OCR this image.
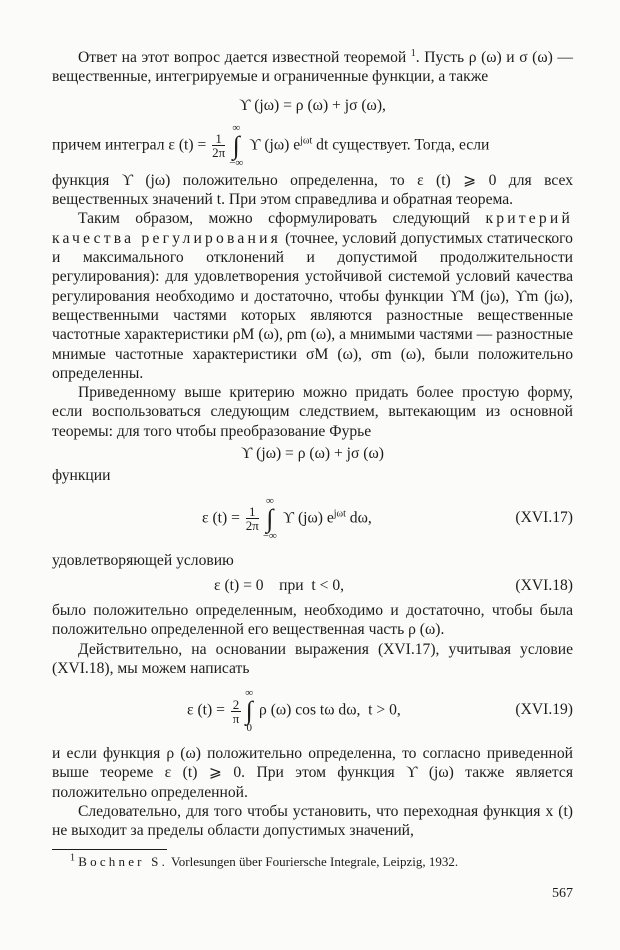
Ответ на этот вопрос дается известной теоремой $^1$. Пусть ρ (ω) и σ (ω) — вещественные, интегрируемые и ограниченные функции, а также

ϒ (jω) = ρ (ω) + jσ (ω),

причем интеграл ε $(t) = \frac{1}{2\pi}$
∞
∫
−∞
ϒ (jω) $e^{j\omega t}$ dt существует. Тогда, если

функция ϒ (jω) положительно определенна, то ε (t) ⩾ 0 для всех вещественных значений t. При этом справедлива и обратная теорема.

Таким образом, можно сформулировать следующий критерий качества регулирования (точнее, условий допустимых статического и максимального отклонений и допустимой продолжительности регулирования): для удовлетворения устойчивой системой условий качества регулирования необходимо и достаточно, чтобы функции ϒM (jω), ϒm (jω), вещественными частями которых являются разностные вещественные частотные характеристики ρM (ω), ρm (ω), а мнимыми частями — разностные мнимые частотные характеристики σM (ω), σm (ω), были положительно определенны.

Приведенному выше критерию можно придать более простую форму, если воспользоваться следующим следствием, вытекающим из основной теоремы: для того чтобы преобразование Фурье

ϒ (jω) = ρ (ω) + jσ (ω)

функции

ε $(t) = \frac{1}{2\pi}$
∞
∫
−∞
ϒ (jω) $e^{j\omega t}$ dω,	(XVI.17)

удовлетворяющей условию

ε (t) = 0    при  t < 0,	(XVI.18)

было положительно определенным, необходимо и достаточно, чтобы была положительно определенной его вещественная часть ρ (ω).

Действительно, на основании выражения (XVI.17), учитывая условие (XVI.18), мы можем написать

ε $(t) = \frac{2}{\pi}$
∞
∫
0
ρ (ω) cos tω dω,  t > 0,	(XVI.19)

и если функция ρ (ω) положительно определенна, то согласно приведенной выше теореме ε (t) ⩾ 0. При этом функция ϒ (jω) также является положительно определенной.

Следовательно, для того чтобы установить, что переходная функция x (t) не выходит за пределы области допустимых значений,

$^1$ Bochner S. Vorlesungen über Fouriersche Integrale, Leipzig, 1932.

567
